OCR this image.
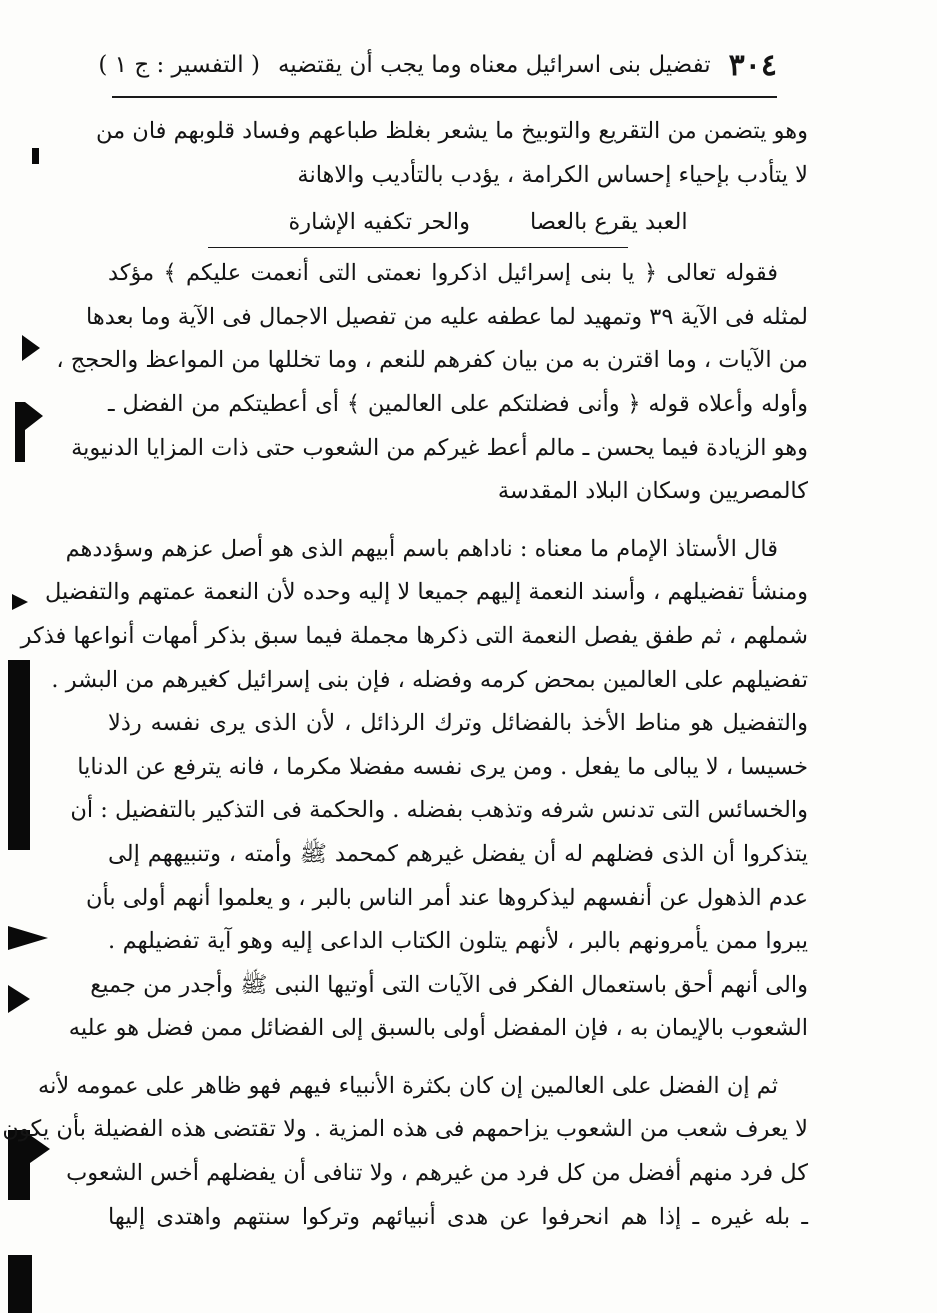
٣٠٤
تفضيل بنى اسرائيل معناه وما يجب أن يقتضيه
( التفسير : ج ١ )
وهو يتضمن من التقريع والتوبيخ ما يشعر بغلظ طباعهم وفساد قلوبهم فان من
لا يتأدب بإحياء إحساس الكرامة ، يؤدب بالتأديب والاهانة
العبد يقرع بالعصا
والحر تكفيه الإشارة
فقوله تعالى ﴿ يا بنى إسرائيل اذكروا نعمتى التى أنعمت عليكم ﴾ مؤكد
لمثله فى الآية ٣٩ وتمهيد لما عطفه عليه من تفصيل الاجمال فى الآية وما بعدها
من الآيات ، وما اقترن به من بيان كفرهم للنعم ، وما تخللها من المواعظ والحجج ،
وأوله وأعلاه قوله ﴿ وأنى فضلتكم على العالمين ﴾ أى أعطيتكم من الفضل ـ
وهو الزيادة فيما يحسن ـ مالم أعط غيركم من الشعوب حتى ذات المزايا الدنيوية
كالمصريين وسكان البلاد المقدسة
قال الأستاذ الإمام ما معناه : ناداهم باسم أبيهم الذى هو أصل عزهم وسؤددهم
ومنشأ تفضيلهم ، وأسند النعمة إليهم جميعا لا إليه وحده لأن النعمة عمتهم والتفضيل
شملهم ، ثم طفق يفصل النعمة التى ذكرها مجملة فيما سبق بذكر أمهات أنواعها فذكر
تفضيلهم على العالمين بمحض كرمه وفضله ، فإن بنى إسرائيل كغيرهم من البشر .
والتفضيل هو مناط الأخذ بالفضائل وترك الرذائل ، لأن الذى يرى نفسه رذلا
خسيسا ، لا يبالى ما يفعل . ومن يرى نفسه مفضلا مكرما ، فانه يترفع عن الدنايا
والخسائس التى تدنس شرفه وتذهب بفضله . والحكمة فى التذكير بالتفضيل : أن
يتذكروا أن الذى فضلهم له أن يفضل غيرهم كمحمد ﷺ وأمته ، وتنبيههم إلى
عدم الذهول عن أنفسهم ليذكروها عند أمر الناس بالبر ، و يعلموا أنهم أولى بأن
يبروا ممن يأمرونهم بالبر ، لأنهم يتلون الكتاب الداعى إليه وهو آية تفضيلهم .
والى أنهم أحق باستعمال الفكر فى الآيات التى أوتيها النبى ﷺ وأجدر من جميع
الشعوب بالإيمان به ، فإن المفضل أولى بالسبق إلى الفضائل ممن فضل هو عليه
ثم إن الفضل على العالمين إن كان بكثرة الأنبياء فيهم فهو ظاهر على عمومه لأنه
لا يعرف شعب من الشعوب يزاحمهم فى هذه المزية . ولا تقتضى هذه الفضيلة بأن يكون
كل فرد منهم أفضل من كل فرد من غيرهم ، ولا تنافى أن يفضلهم أخس الشعوب
ـ بله غيره ـ إذا هم انحرفوا عن هدى أنبيائهم وتركوا سنتهم واهتدى إليها
